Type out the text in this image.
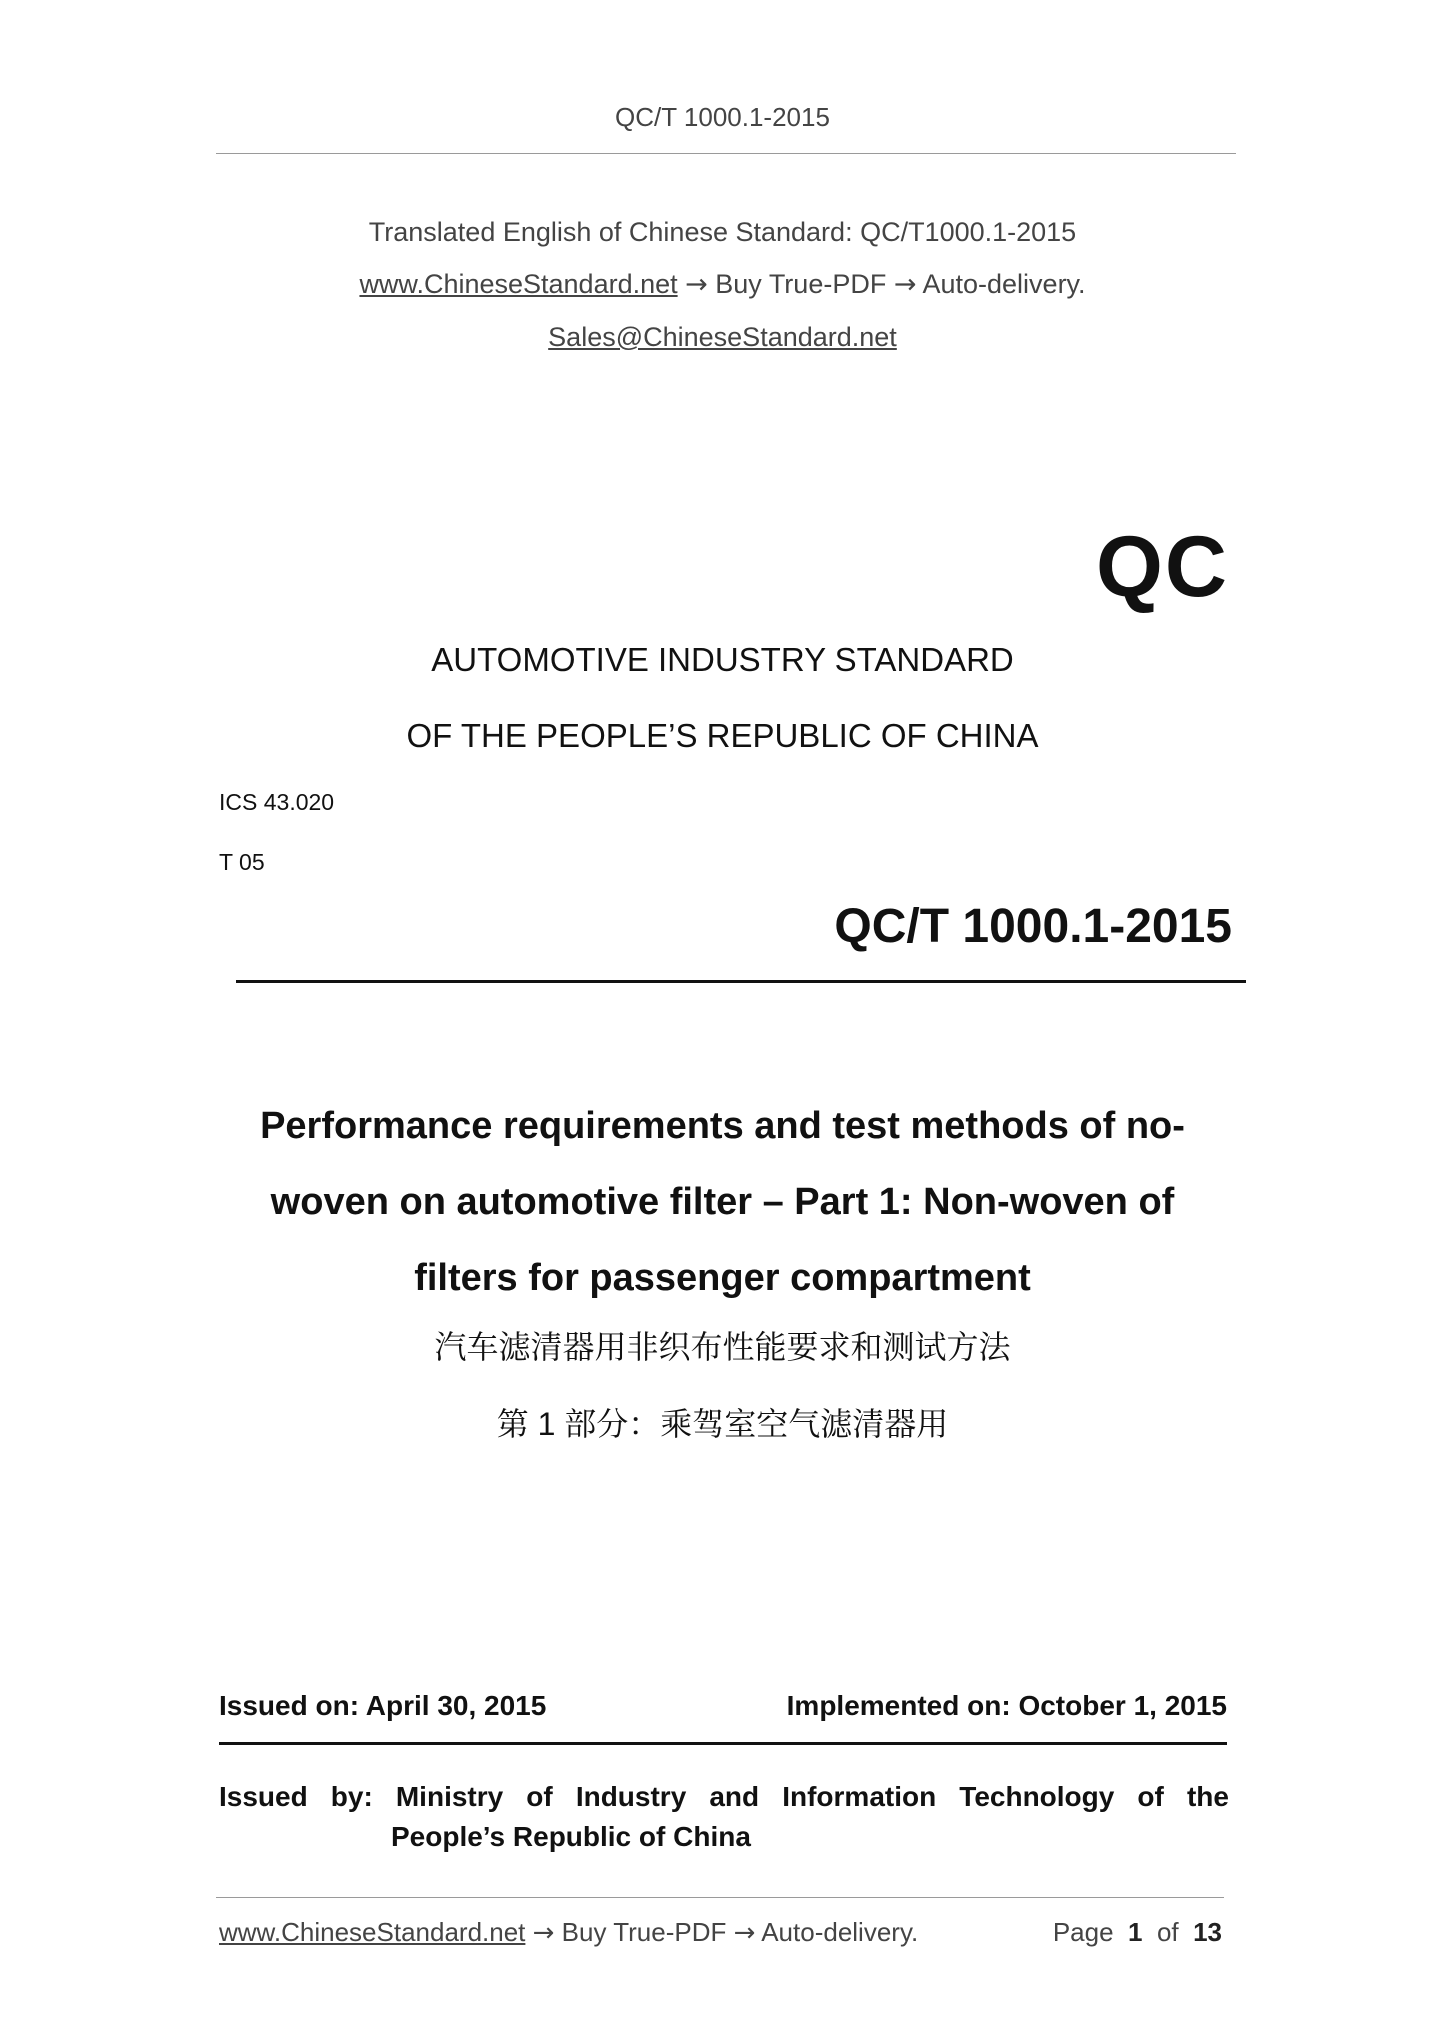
QC/T 1000.1-2015
Translated English of Chinese Standard: QC/T1000.1-2015
www.ChineseStandard.net → Buy True-PDF → Auto-delivery.
Sales@ChineseStandard.net
QC
AUTOMOTIVE INDUSTRY STANDARD
OF THE PEOPLE’S REPUBLIC OF CHINA
ICS 43.020
T 05
QC/T 1000.1-2015
Performance requirements and test methods of no-
woven on automotive filter – Part 1: Non-woven of
filters for passenger compartment
汽车滤清器用非织布性能要求和测试方法
第 1 部分：乘驾室空气滤清器用
Issued on: April 30, 2015	Implemented on: October 1, 2015
Issued by: Ministry of Industry and Information Technology of the
People’s Republic of China
www.ChineseStandard.net → Buy True-PDF → Auto-delivery.	Page 1 of 13
